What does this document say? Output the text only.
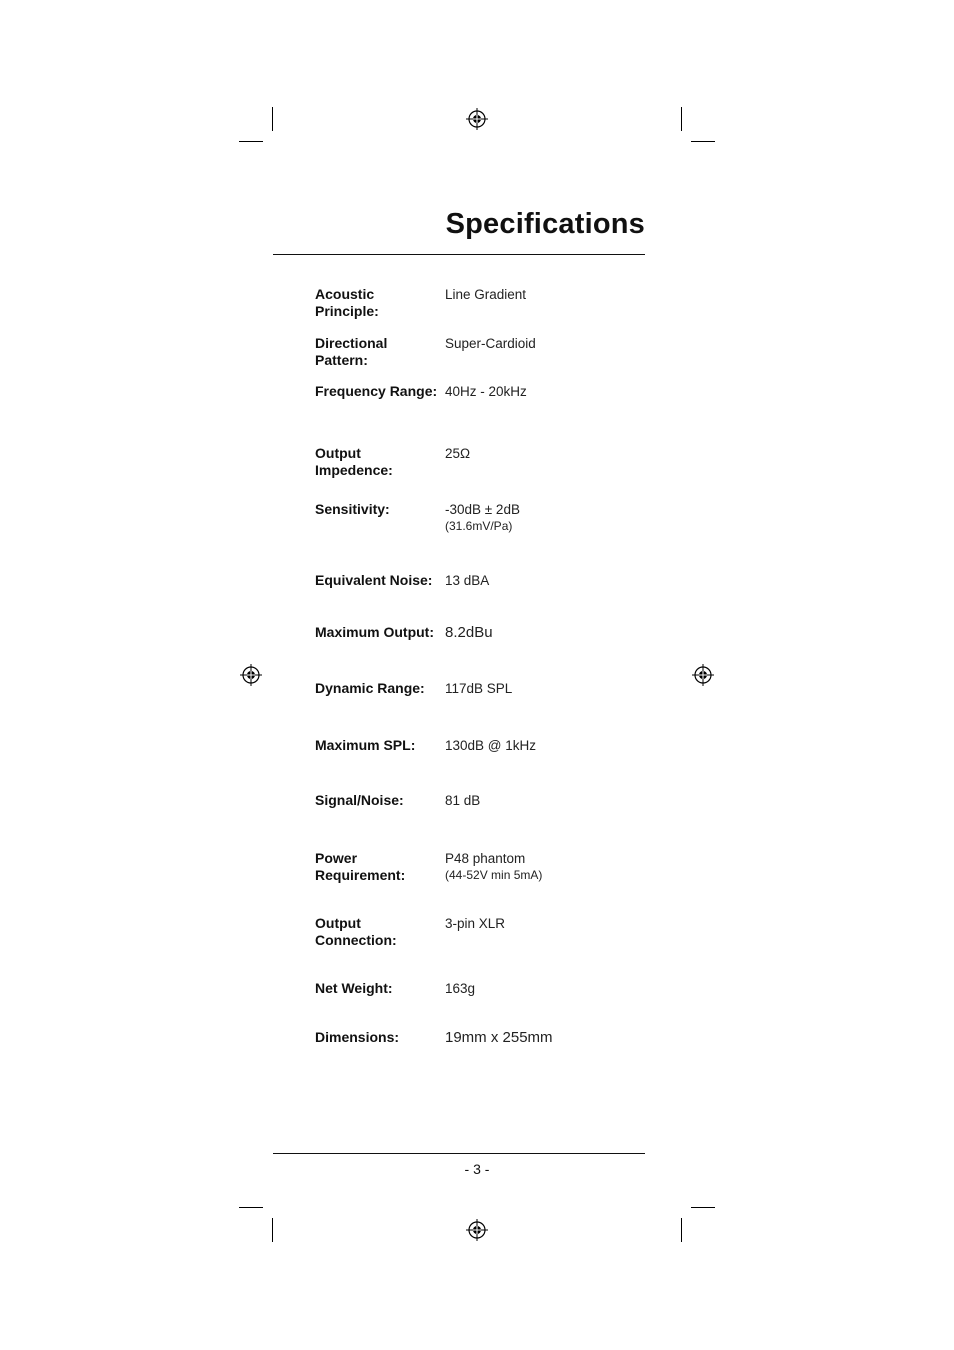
Specifications
Acoustic Principle:
Line Gradient
Directional Pattern:
Super-Cardioid
Frequency Range: 40Hz - 20kHz
Output Impedence:
25Ω
Sensitivity:	-30dB ± 2dB
(31.6mV/Pa)
Equivalent Noise: 13 dBA
Maximum Output: 8.2dBu
Dynamic Range:	117dB SPL
Maximum SPL:	130dB @ 1kHz
Signal/Noise:	81 dB
Power Requirement:
P48 phantom
(44-52V min 5mA)
Output Connection:
3-pin XLR
Net Weight:	163g
Dimensions:	19mm x 255mm
- 3 -
